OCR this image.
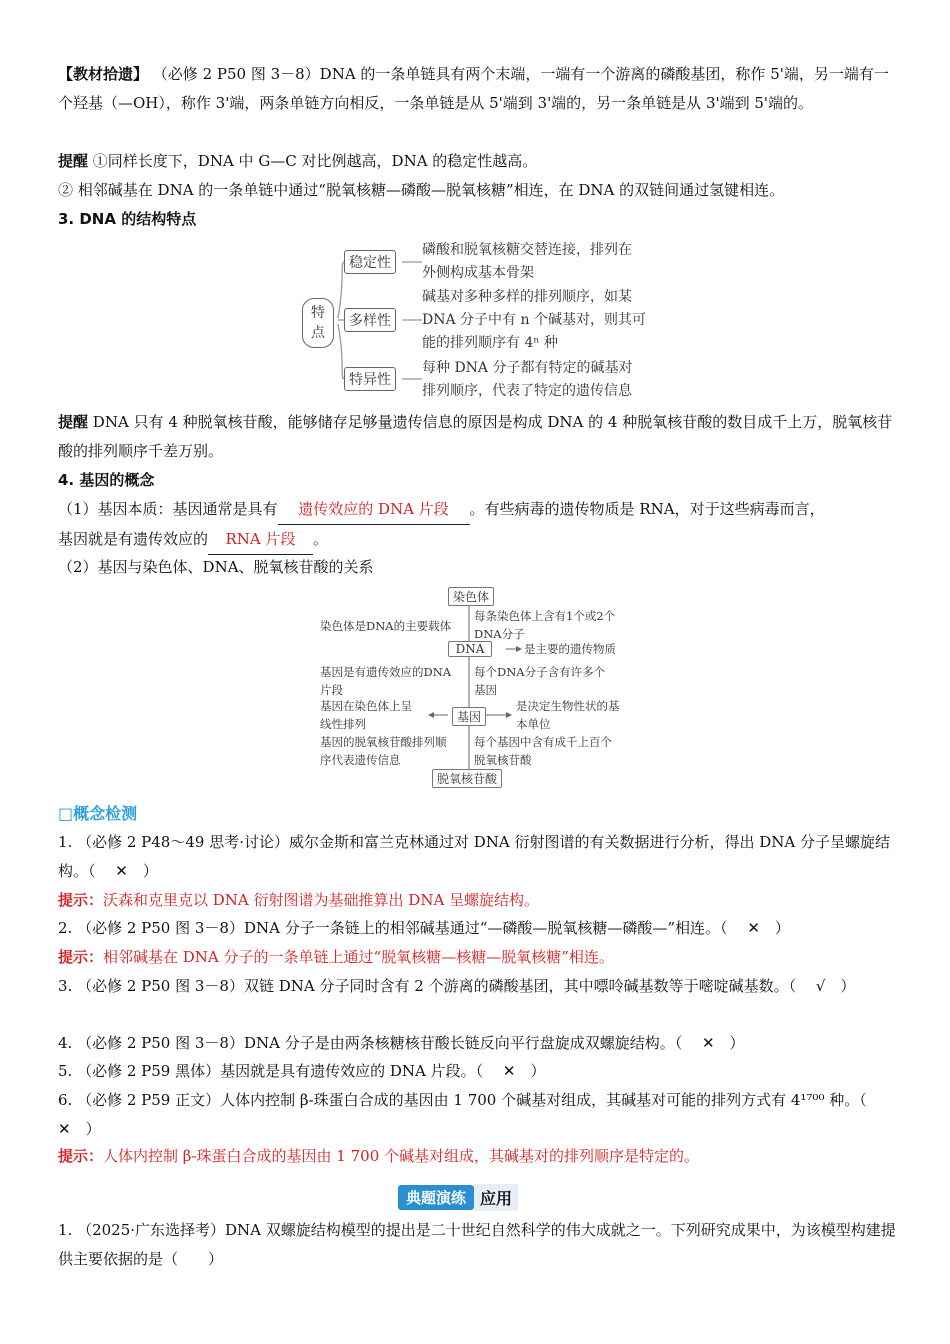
【教材拾遗】 （必修 2 P50 图 3－8）DNA 的一条单链具有两个末端，一端有一个游离的磷酸基团，称作 5'端，另一端有一个羟基（—OH），称作 3'端，两条单链方向相反，一条单链是从 5'端到 3'端的，另一条单链是从 3'端到 5'端的。
提醒 ①同样长度下，DNA 中 G—C 对比例越高，DNA 的稳定性越高。
② 相邻碱基在 DNA 的一条单链中通过“脱氧核糖—磷酸—脱氧核糖”相连，在 DNA 的双链间通过氢键相连。
3. DNA 的结构特点
特点
稳定性
多样性
特异性
磷酸和脱氧核糖交替连接，排列在
外侧构成基本骨架
碱基对多种多样的排列顺序，如某
DNA 分子中有 n 个碱基对，则其可
能的排列顺序有 4ⁿ 种
每种 DNA 分子都有特定的碱基对
排列顺序，代表了特定的遗传信息
提醒 DNA 只有 4 种脱氧核苷酸，能够储存足够量遗传信息的原因是构成 DNA 的 4 种脱氧核苷酸的数目成千上万，脱氧核苷酸的排列顺序千差万别。
4. 基因的概念
（1）基因本质：基因通常是具有 遗传效应的 DNA 片段 。有些病毒的遗传物质是 RNA，对于这些病毒而言，
基因就是有遗传效应的 RNA 片段 。
（2）基因与染色体、DNA、脱氧核苷酸的关系
染色体
DNA
基因
脱氧核苷酸
染色体是DNA的主要载体
每条染色体上含有1个或2个
DNA分子
是主要的遗传物质
基因是有遗传效应的DNA
片段
每个DNA分子含有许多个
基因
基因在染色体上呈
线性排列
是决定生物性状的基
本单位
基因的脱氧核苷酸排列顺
序代表遗传信息
每个基因中含有成千上百个
脱氧核苷酸
□概念检测
1. （必修 2 P48～49 思考·讨论）威尔金斯和富兰克林通过对 DNA 衍射图谱的有关数据进行分析，得出 DNA 分子呈螺旋结构。（　 ✕　）
提示：沃森和克里克以 DNA 衍射图谱为基础推算出 DNA 呈螺旋结构。
2. （必修 2 P50 图 3－8）DNA 分子一条链上的相邻碱基通过“—磷酸—脱氧核糖—磷酸—”相连。（　 ✕　）
提示：相邻碱基在 DNA 分子的一条单链上通过“脱氧核糖—核糖—脱氧核糖”相连。
3. （必修 2 P50 图 3－8）双链 DNA 分子同时含有 2 个游离的磷酸基团，其中嘌呤碱基数等于嘧啶碱基数。（　 √　）
4. （必修 2 P50 图 3－8）DNA 分子是由两条核糖核苷酸长链反向平行盘旋成双螺旋结构。（　 ✕　）
5. （必修 2 P59 黑体）基因就是具有遗传效应的 DNA 片段。（　 ✕　）
6. （必修 2 P59 正文）人体内控制 β-珠蛋白合成的基因由 1 700 个碱基对组成，其碱基对可能的排列方式有 4¹⁷⁰⁰ 种。（　 ✕　）
提示：人体内控制 β-珠蛋白合成的基因由 1 700 个碱基对组成，其碱基对的排列顺序是特定的。
典题演练 应用
1. （2025·广东选择考）DNA 双螺旋结构模型的提出是二十世纪自然科学的伟大成就之一。下列研究成果中，为该模型构建提供主要依据的是（　　）
